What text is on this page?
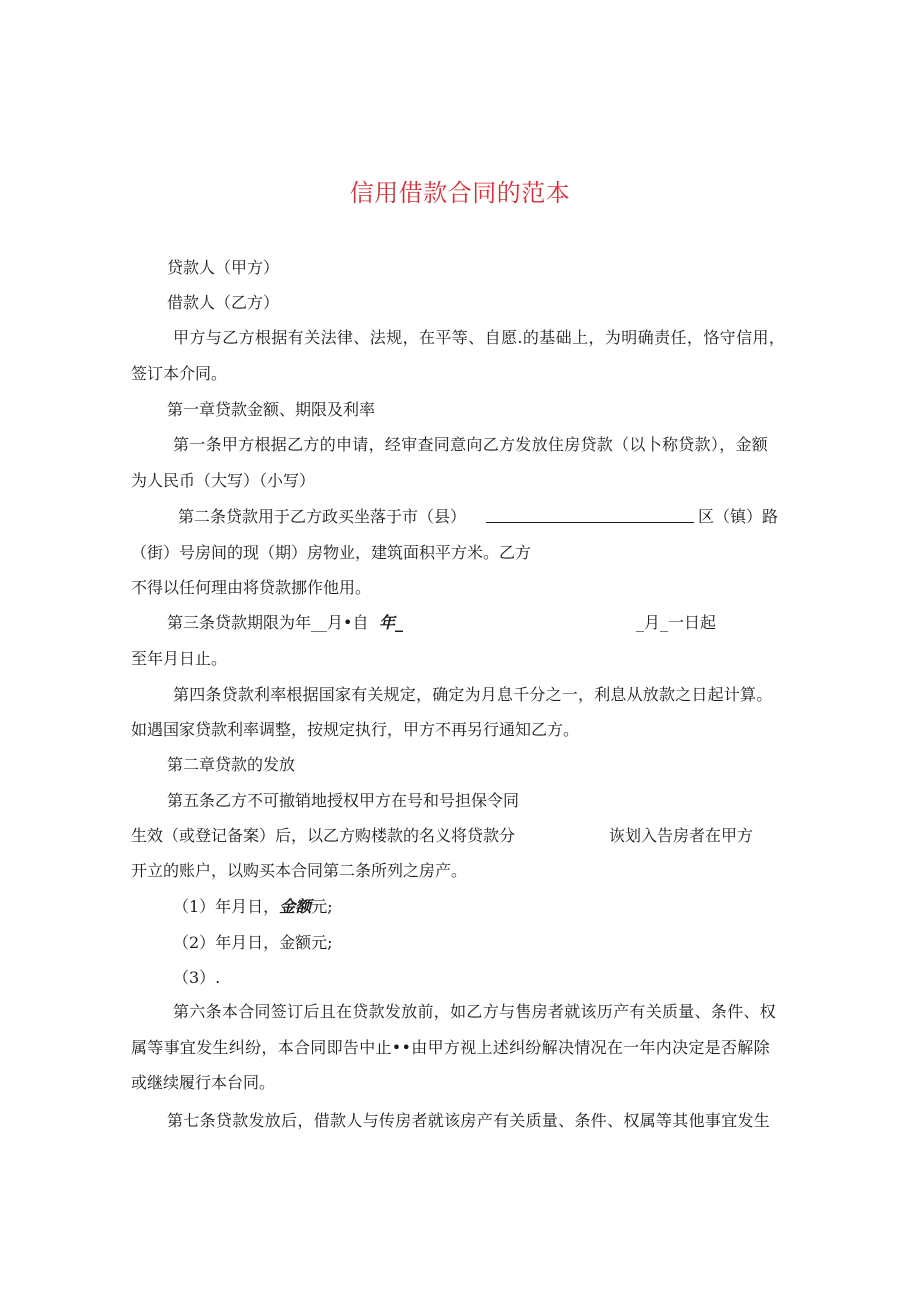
信用借款合同的范本
贷款人（甲方）
借款人（乙方）
甲方与乙方根据有关法律、法规，在平等、自愿.的基础上，为明确责任，恪守信用，
签订本介同。
第一章贷款金额、期限及利率
第一条甲方根据乙方的申请，经审查同意向乙方发放住房贷款（以卜称贷款），金额
为人民币（大写）（小写）
第二条贷款用于乙方政买坐落于市（县）	区（镇）路
（街）号房间的现（期）房物业，建筑面积平方米。乙方
不得以任何理由将贷款挪作他用。
第三条贷款期限为年__月•自 年_	_月_一日起
至年月日止。
第四条贷款利率根据国家有关规定，确定为月息千分之一，利息从放款之日起计算。
如遇国家贷款利率调整，按规定执行，甲方不再另行通知乙方。
第二章贷款的发放
第五条乙方不可撤销地授权甲方在号和号担保令同
生效（或登记备案）后，以乙方购楼款的名义将贷款分	诙划入告房者在甲方
开立的账户，以购买本合同第二条所列之房产。
（1）年月日，金额元;
（2）年月日，金额元;
（3）.
第六条本合同签订后且在贷款发放前，如乙方与售房者就该历产有关质量、条件、权
属等事宜发生纠纷，本合同即告中止••由甲方视上述纠纷解决情况在一年内决定是否解除
或继续履行本台同。
第七条贷款发放后，借款人与传房者就该房产有关质量、条件、权属等其他事宜发生
